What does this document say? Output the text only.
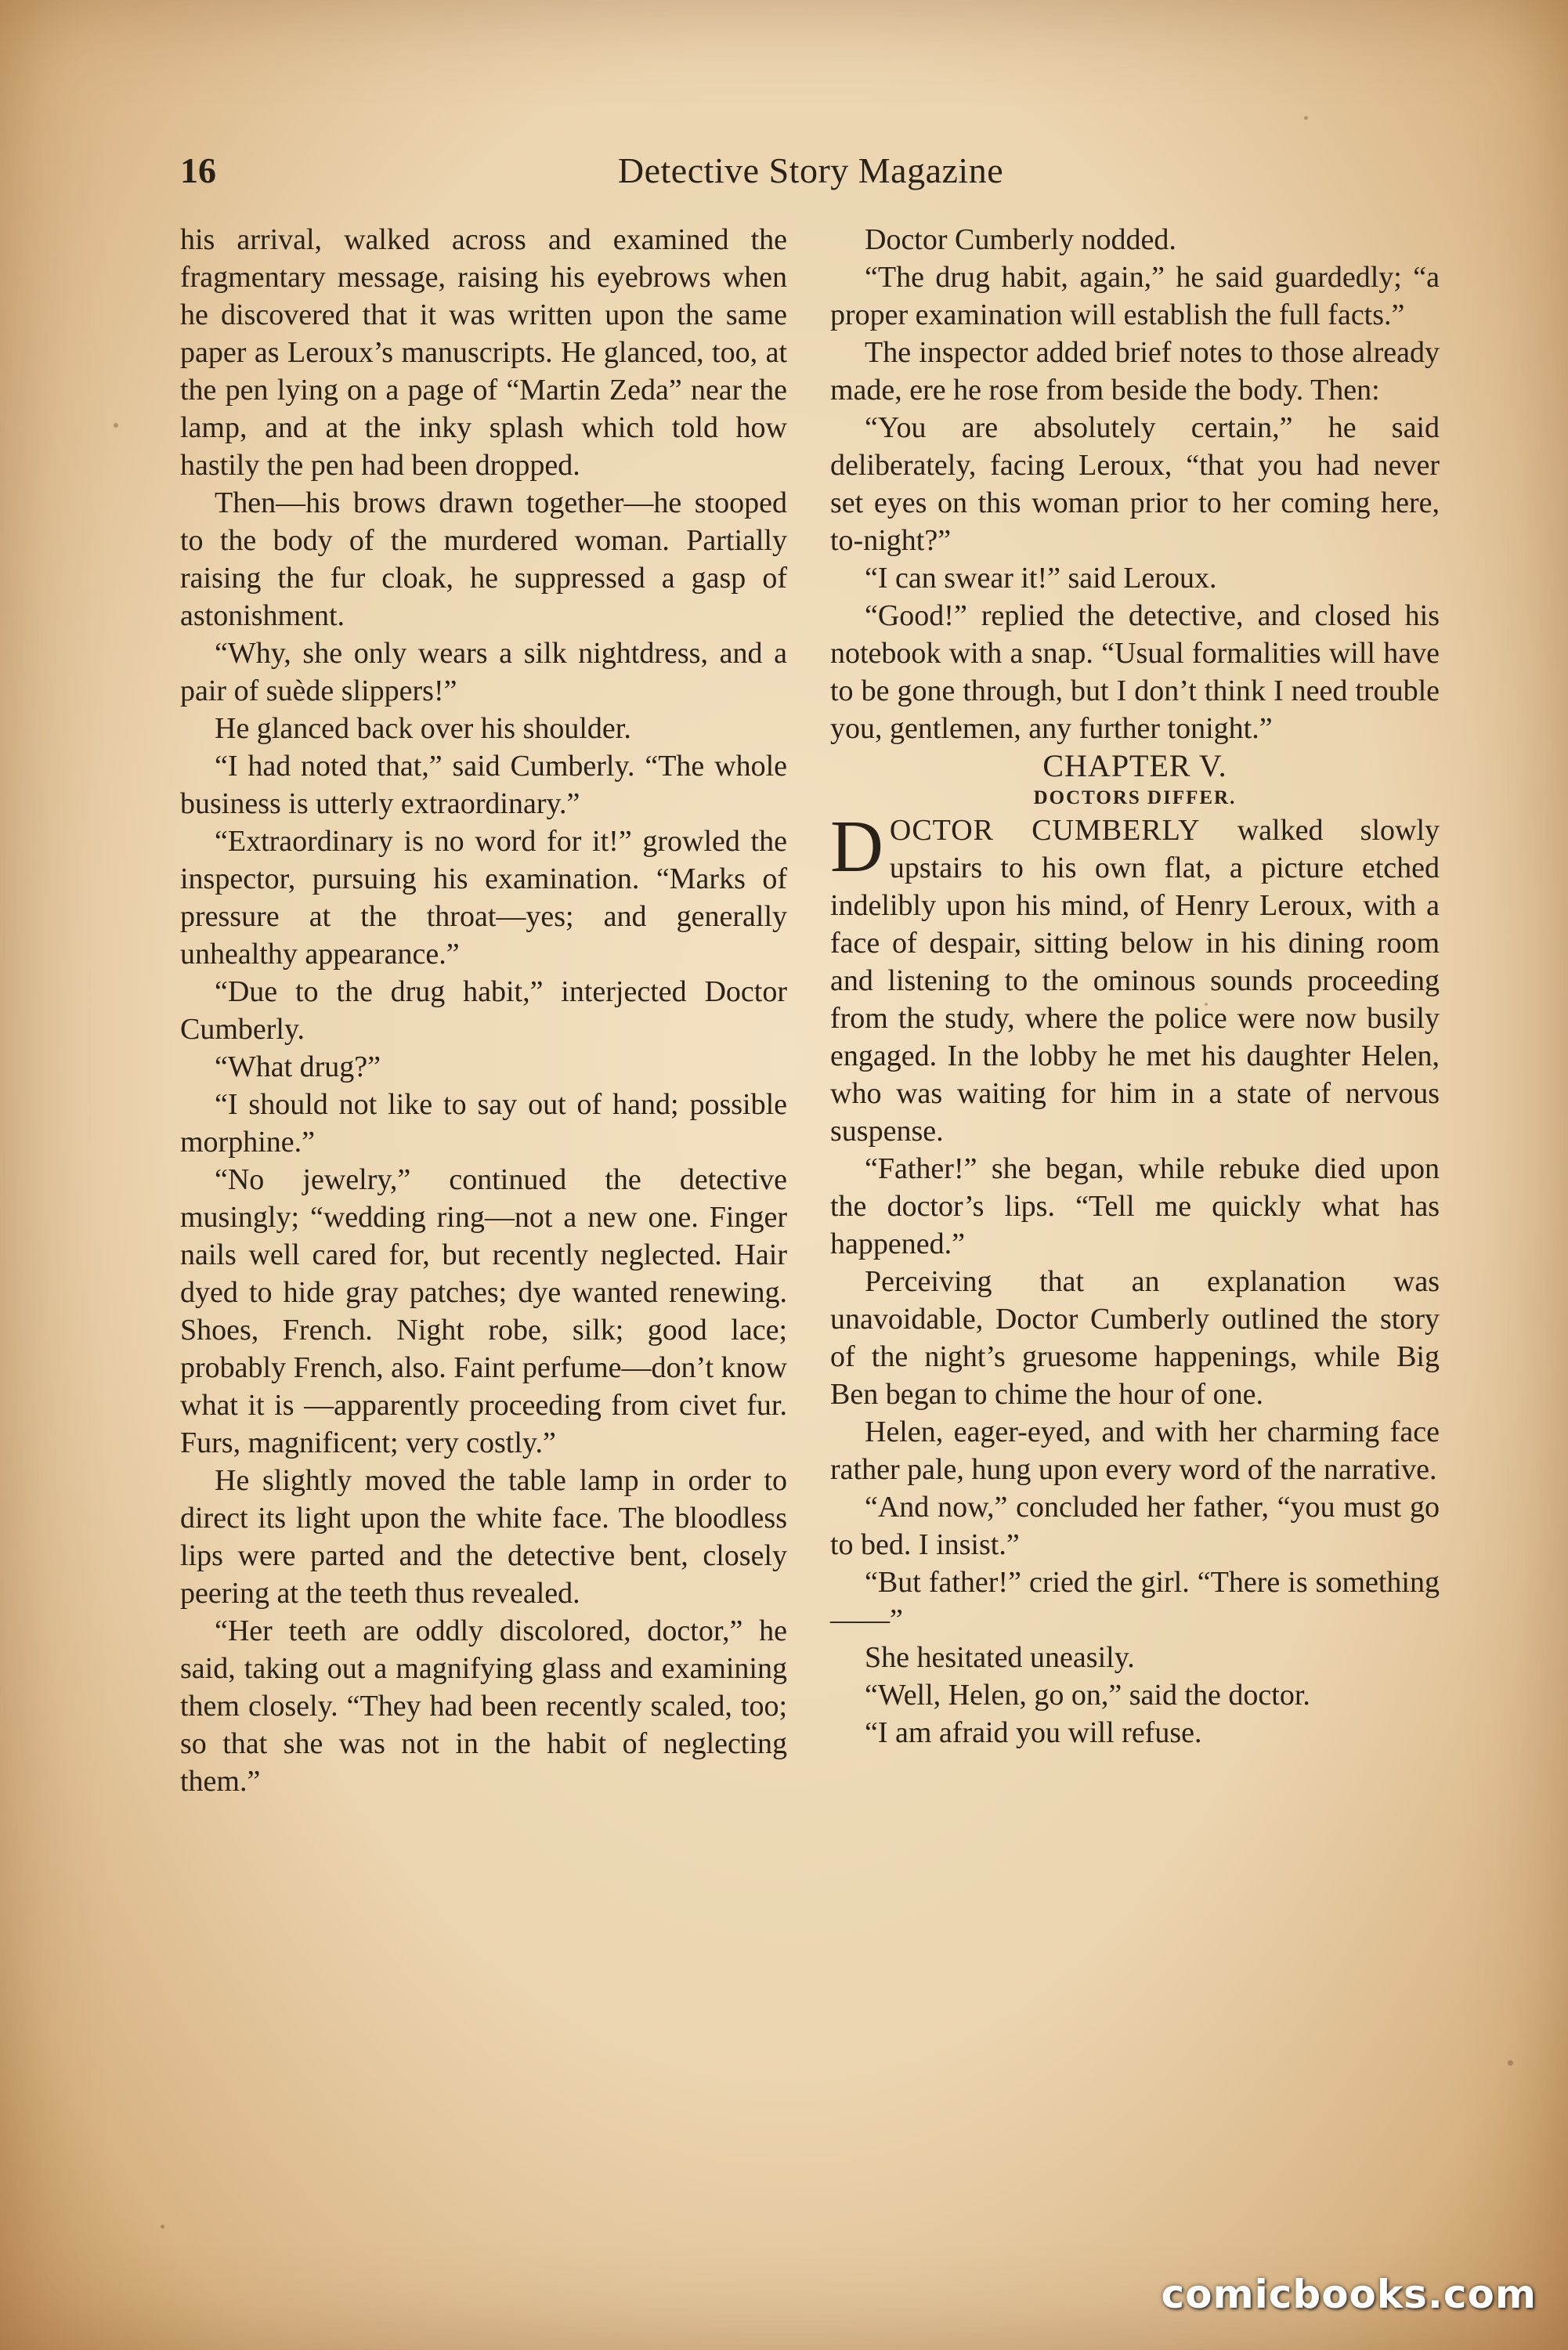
16	Detective Story Magazine

his arrival, walked across and examined the fragmentary message, raising his eyebrows when he discovered that it was written upon the same paper as Leroux’s manuscripts. He glanced, too, at the pen lying on a page of “Martin Zeda” near the lamp, and at the inky splash which told how hastily the pen had been dropped.

Then—his brows drawn together—he stooped to the body of the murdered woman. Partially raising the fur cloak, he suppressed a gasp of astonishment.

“Why, she only wears a silk nightdress, and a pair of suède slippers!”

He glanced back over his shoulder.

“I had noted that,” said Cumberly. “The whole business is utterly extraordinary.”

“Extraordinary is no word for it!” growled the inspector, pursuing his examination. “Marks of pressure at the throat—yes; and generally unhealthy appearance.”

“Due to the drug habit,” interjected Doctor Cumberly.

“What drug?”

“I should not like to say out of hand; possible morphine.”

“No jewelry,” continued the detective musingly; “wedding ring—not a new one. Finger nails well cared for, but recently neglected. Hair dyed to hide gray patches; dye wanted renewing. Shoes, French. Night robe, silk; good lace; probably French, also. Faint perfume—don’t know what it is —apparently proceeding from civet fur. Furs, magnificent; very costly.”

He slightly moved the table lamp in order to direct its light upon the white face. The bloodless lips were parted and the detective bent, closely peering at the teeth thus revealed.

“Her teeth are oddly discolored, doctor,” he said, taking out a magnifying glass and examining them closely. “They had been recently scaled, too; so that she was not in the habit of neglecting them.”

Doctor Cumberly nodded.

“The drug habit, again,” he said guardedly; “a proper examination will establish the full facts.”

The inspector added brief notes to those already made, ere he rose from beside the body. Then:

“You are absolutely certain,” he said deliberately, facing Leroux, “that you had never set eyes on this woman prior to her coming here, to-night?”

“I can swear it!” said Leroux.

“Good!” replied the detective, and closed his notebook with a snap. “Usual formalities will have to be gone through, but I don’t think I need trouble you, gentlemen, any further tonight.”

CHAPTER V.

DOCTORS DIFFER.

DOCTOR CUMBERLY walked slowly upstairs to his own flat, a picture etched indelibly upon his mind, of Henry Leroux, with a face of despair, sitting below in his dining room and listening to the ominous sounds proceeding from the study, where the police were now busily engaged. In the lobby he met his daughter Helen, who was waiting for him in a state of nervous suspense.

“Father!” she began, while rebuke died upon the doctor’s lips. “Tell me quickly what has happened.”

Perceiving that an explanation was unavoidable, Doctor Cumberly outlined the story of the night’s gruesome happenings, while Big Ben began to chime the hour of one.

Helen, eager-eyed, and with her charming face rather pale, hung upon every word of the narrative.

“And now,” concluded her father, “you must go to bed. I insist.”

“But father!” cried the girl. “There is something——”

She hesitated uneasily.

“Well, Helen, go on,” said the doctor.

“I am afraid you will refuse.

comicbooks.com
